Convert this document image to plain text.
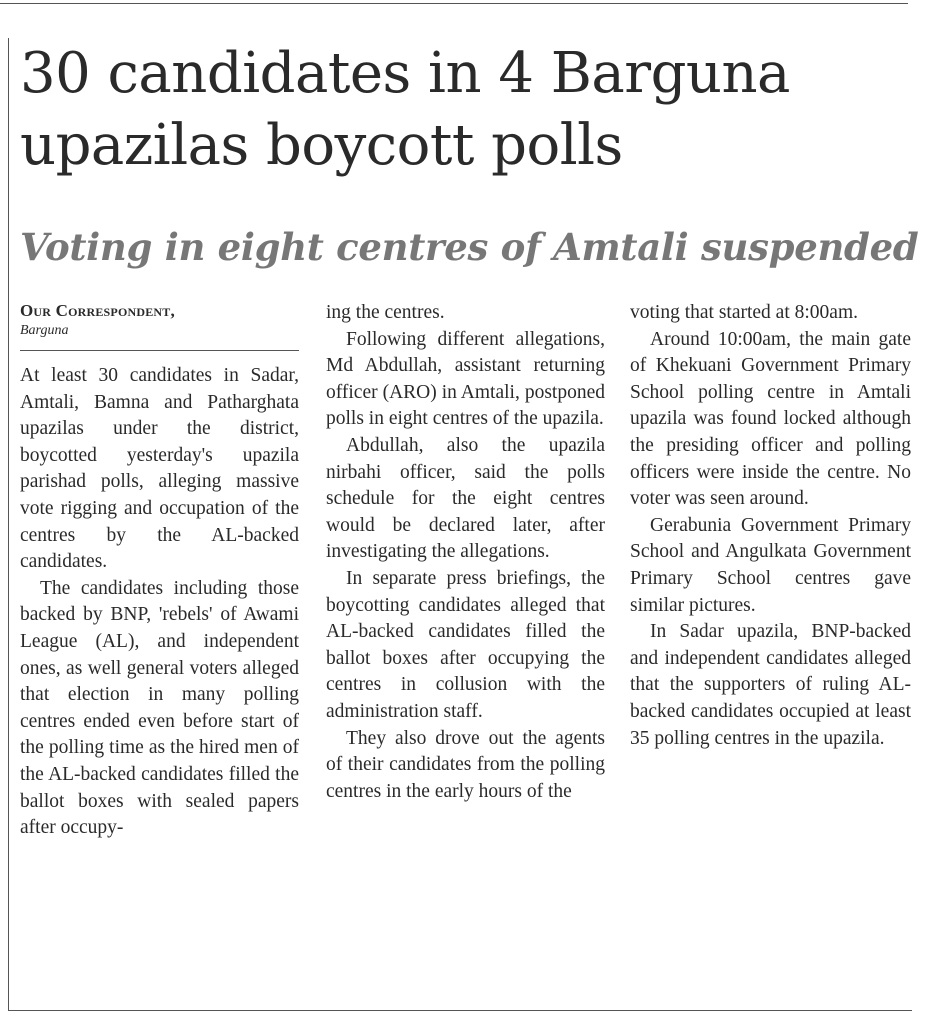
30 candidates in 4 Barguna upazilas boycott polls
Voting in eight centres of Amtali suspended
Our Correspondent,
Barguna

At least 30 candidates in Sadar, Amtali, Bamna and Patharghata upazilas under the district, boycotted yesterday's upazila parishad polls, alleging massive vote rigging and occupation of the centres by the AL-backed candidates.

The candidates including those backed by BNP, 'rebels' of Awami League (AL), and independent ones, as well general voters alleged that election in many polling centres ended even before start of the polling time as the hired men of the AL-backed candidates filled the ballot boxes with sealed papers after occupy-

ing the centres.

Following different allegations, Md Abdullah, assistant returning officer (ARO) in Amtali, postponed polls in eight centres of the upazila.

Abdullah, also the upazila nirbahi officer, said the polls schedule for the eight centres would be declared later, after investigating the allegations.

In separate press briefings, the boycotting candidates alleged that AL-backed candidates filled the ballot boxes after occupying the centres in collusion with the administration staff.

They also drove out the agents of their candidates from the polling centres in the early hours of the

voting that started at 8:00am.

Around 10:00am, the main gate of Khekuani Government Primary School polling centre in Amtali upazila was found locked although the presiding officer and polling officers were inside the centre. No voter was seen around.

Gerabunia Government Primary School and Angulkata Government Primary School centres gave similar pictures.

In Sadar upazila, BNP-backed and independent candidates alleged that the supporters of ruling AL-backed candidates occupied at least 35 polling centres in the upazila.
